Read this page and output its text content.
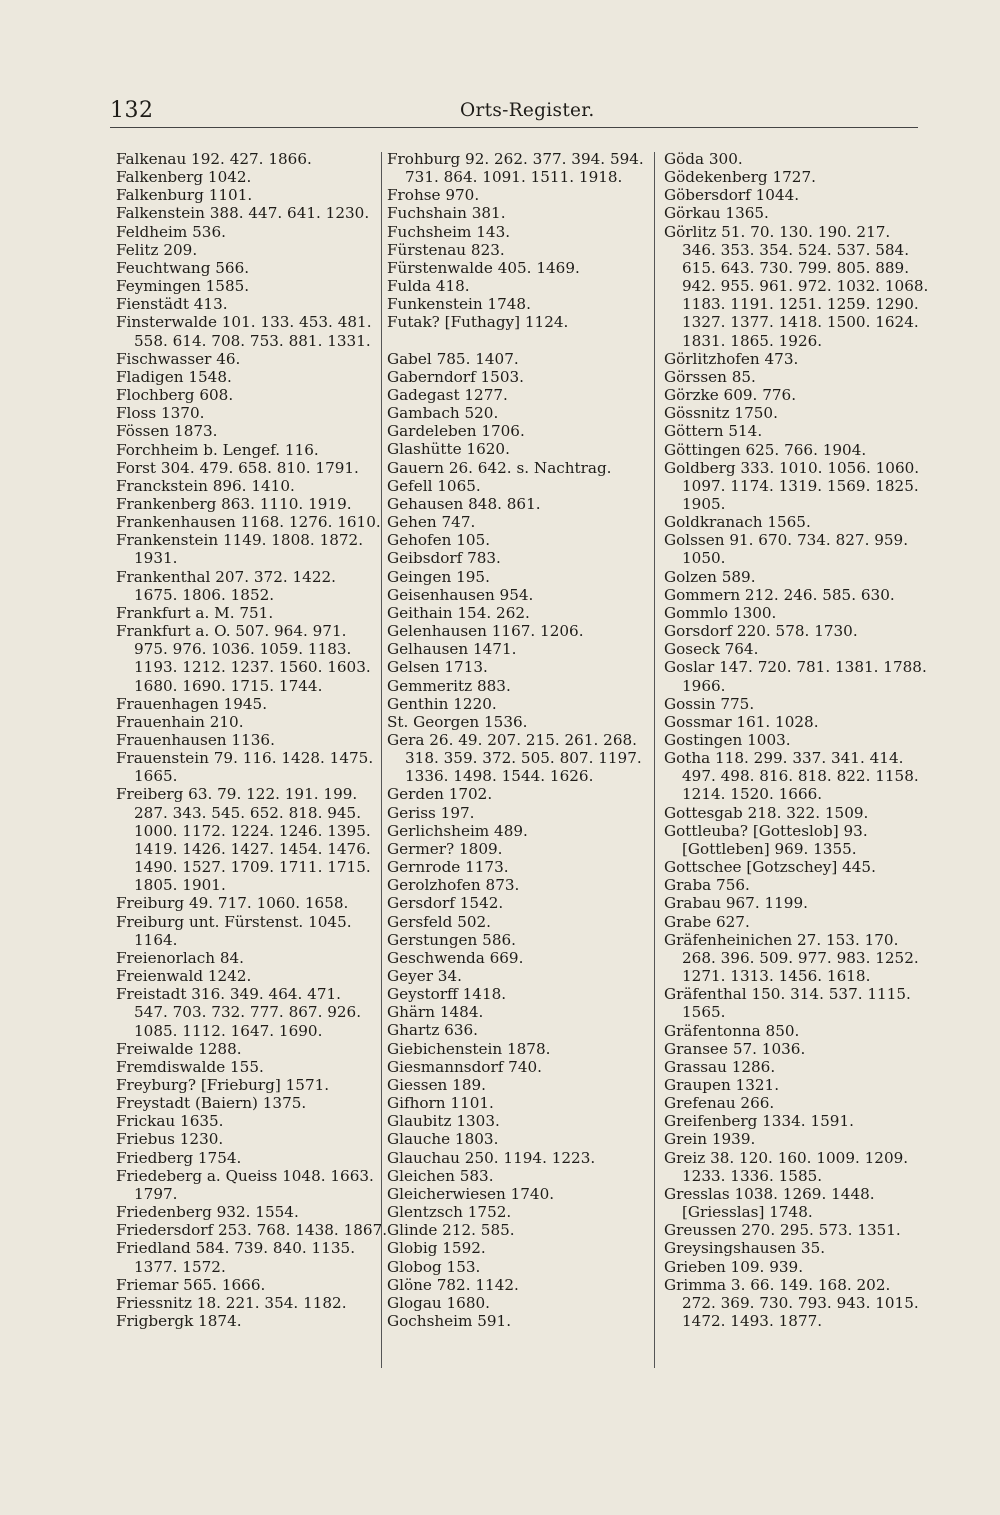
132	Orts-Register.
Falkenau 192. 427. 1866.
Falkenberg 1042.
Falkenburg 1101.
Falkenstein 388. 447. 641. 1230.
Feldheim 536.
Felitz 209.
Feuchtwang 566.
Feymingen 1585.
Fienstädt 413.
Finsterwalde 101. 133. 453. 481.
558. 614. 708. 753. 881. 1331.
Fischwasser 46.
Fladigen 1548.
Flochberg 608.
Floss 1370.
Fössen 1873.
Forchheim b. Lengef. 116.
Forst 304. 479. 658. 810. 1791.
Franckstein 896. 1410.
Frankenberg 863. 1110. 1919.
Frankenhausen 1168. 1276. 1610.
Frankenstein 1149. 1808. 1872.
1931.
Frankenthal 207. 372. 1422.
1675. 1806. 1852.
Frankfurt a. M. 751.
Frankfurt a. O. 507. 964. 971.
975. 976. 1036. 1059. 1183.
1193. 1212. 1237. 1560. 1603.
1680. 1690. 1715. 1744.
Frauenhagen 1945.
Frauenhain 210.
Frauenhausen 1136.
Frauenstein 79. 116. 1428. 1475.
1665.
Freiberg 63. 79. 122. 191. 199.
287. 343. 545. 652. 818. 945.
1000. 1172. 1224. 1246. 1395.
1419. 1426. 1427. 1454. 1476.
1490. 1527. 1709. 1711. 1715.
1805. 1901.
Freiburg 49. 717. 1060. 1658.
Freiburg unt. Fürstenst. 1045.
1164.
Freienorlach 84.
Freienwald 1242.
Freistadt 316. 349. 464. 471.
547. 703. 732. 777. 867. 926.
1085. 1112. 1647. 1690.
Freiwalde 1288.
Fremdiswalde 155.
Freyburg? [Frieburg] 1571.
Freystadt (Baiern) 1375.
Frickau 1635.
Friebus 1230.
Friedberg 1754.
Friedeberg a. Queiss 1048. 1663.
1797.
Friedenberg 932. 1554.
Friedersdorf 253. 768. 1438. 1867.
Friedland 584. 739. 840. 1135.
1377. 1572.
Friemar 565. 1666.
Friessnitz 18. 221. 354. 1182.
Frigbergk 1874.
Frohburg 92. 262. 377. 394. 594.
731. 864. 1091. 1511. 1918.
Frohse 970.
Fuchshain 381.
Fuchsheim 143.
Fürstenau 823.
Fürstenwalde 405. 1469.
Fulda 418.
Funkenstein 1748.
Futak? [Futhagy] 1124.
Gabel 785. 1407.
Gaberndorf 1503.
Gadegast 1277.
Gambach 520.
Gardeleben 1706.
Glashütte 1620.
Gauern 26. 642. s. Nachtrag.
Gefell 1065.
Gehausen 848. 861.
Gehen 747.
Gehofen 105.
Geibsdorf 783.
Geingen 195.
Geisenhausen 954.
Geithain 154. 262.
Gelenhausen 1167. 1206.
Gelhausen 1471.
Gelsen 1713.
Gemmeritz 883.
Genthin 1220.
St. Georgen 1536.
Gera 26. 49. 207. 215. 261. 268.
318. 359. 372. 505. 807. 1197.
1336. 1498. 1544. 1626.
Gerden 1702.
Geriss 197.
Gerlichsheim 489.
Germer? 1809.
Gernrode 1173.
Gerolzhofen 873.
Gersdorf 1542.
Gersfeld 502.
Gerstungen 586.
Geschwenda 669.
Geyer 34.
Geystorff 1418.
Ghärn 1484.
Ghartz 636.
Giebichenstein 1878.
Giesmannsdorf 740.
Giessen 189.
Gifhorn 1101.
Glaubitz 1303.
Glauche 1803.
Glauchau 250. 1194. 1223.
Gleichen 583.
Gleicherwiesen 1740.
Glentzsch 1752.
Glinde 212. 585.
Globig 1592.
Globog 153.
Glöne 782. 1142.
Glogau 1680.
Gochsheim 591.
Göda 300.
Gödekenberg 1727.
Göbersdorf 1044.
Görkau 1365.
Görlitz 51. 70. 130. 190. 217.
346. 353. 354. 524. 537. 584.
615. 643. 730. 799. 805. 889.
942. 955. 961. 972. 1032. 1068.
1183. 1191. 1251. 1259. 1290.
1327. 1377. 1418. 1500. 1624.
1831. 1865. 1926.
Görlitzhofen 473.
Görssen 85.
Görzke 609. 776.
Gössnitz 1750.
Göttern 514.
Göttingen 625. 766. 1904.
Goldberg 333. 1010. 1056. 1060.
1097. 1174. 1319. 1569. 1825.
1905.
Goldkranach 1565.
Golssen 91. 670. 734. 827. 959.
1050.
Golzen 589.
Gommern 212. 246. 585. 630.
Gommlo 1300.
Gorsdorf 220. 578. 1730.
Goseck 764.
Goslar 147. 720. 781. 1381. 1788.
1966.
Gossin 775.
Gossmar 161. 1028.
Gostingen 1003.
Gotha 118. 299. 337. 341. 414.
497. 498. 816. 818. 822. 1158.
1214. 1520. 1666.
Gottesgab 218. 322. 1509.
Gottleuba? [Gotteslob] 93.
[Gottleben] 969. 1355.
Gottschee [Gotzschey] 445.
Graba 756.
Grabau 967. 1199.
Grabe 627.
Gräfenheinichen 27. 153. 170.
268. 396. 509. 977. 983. 1252.
1271. 1313. 1456. 1618.
Gräfenthal 150. 314. 537. 1115.
1565.
Gräfentonna 850.
Gransee 57. 1036.
Grassau 1286.
Graupen 1321.
Grefenau 266.
Greifenberg 1334. 1591.
Grein 1939.
Greiz 38. 120. 160. 1009. 1209.
1233. 1336. 1585.
Gresslas 1038. 1269. 1448.
[Griesslas] 1748.
Greussen 270. 295. 573. 1351.
Greysingshausen 35.
Grieben 109. 939.
Grimma 3. 66. 149. 168. 202.
272. 369. 730. 793. 943. 1015.
1472. 1493. 1877.
